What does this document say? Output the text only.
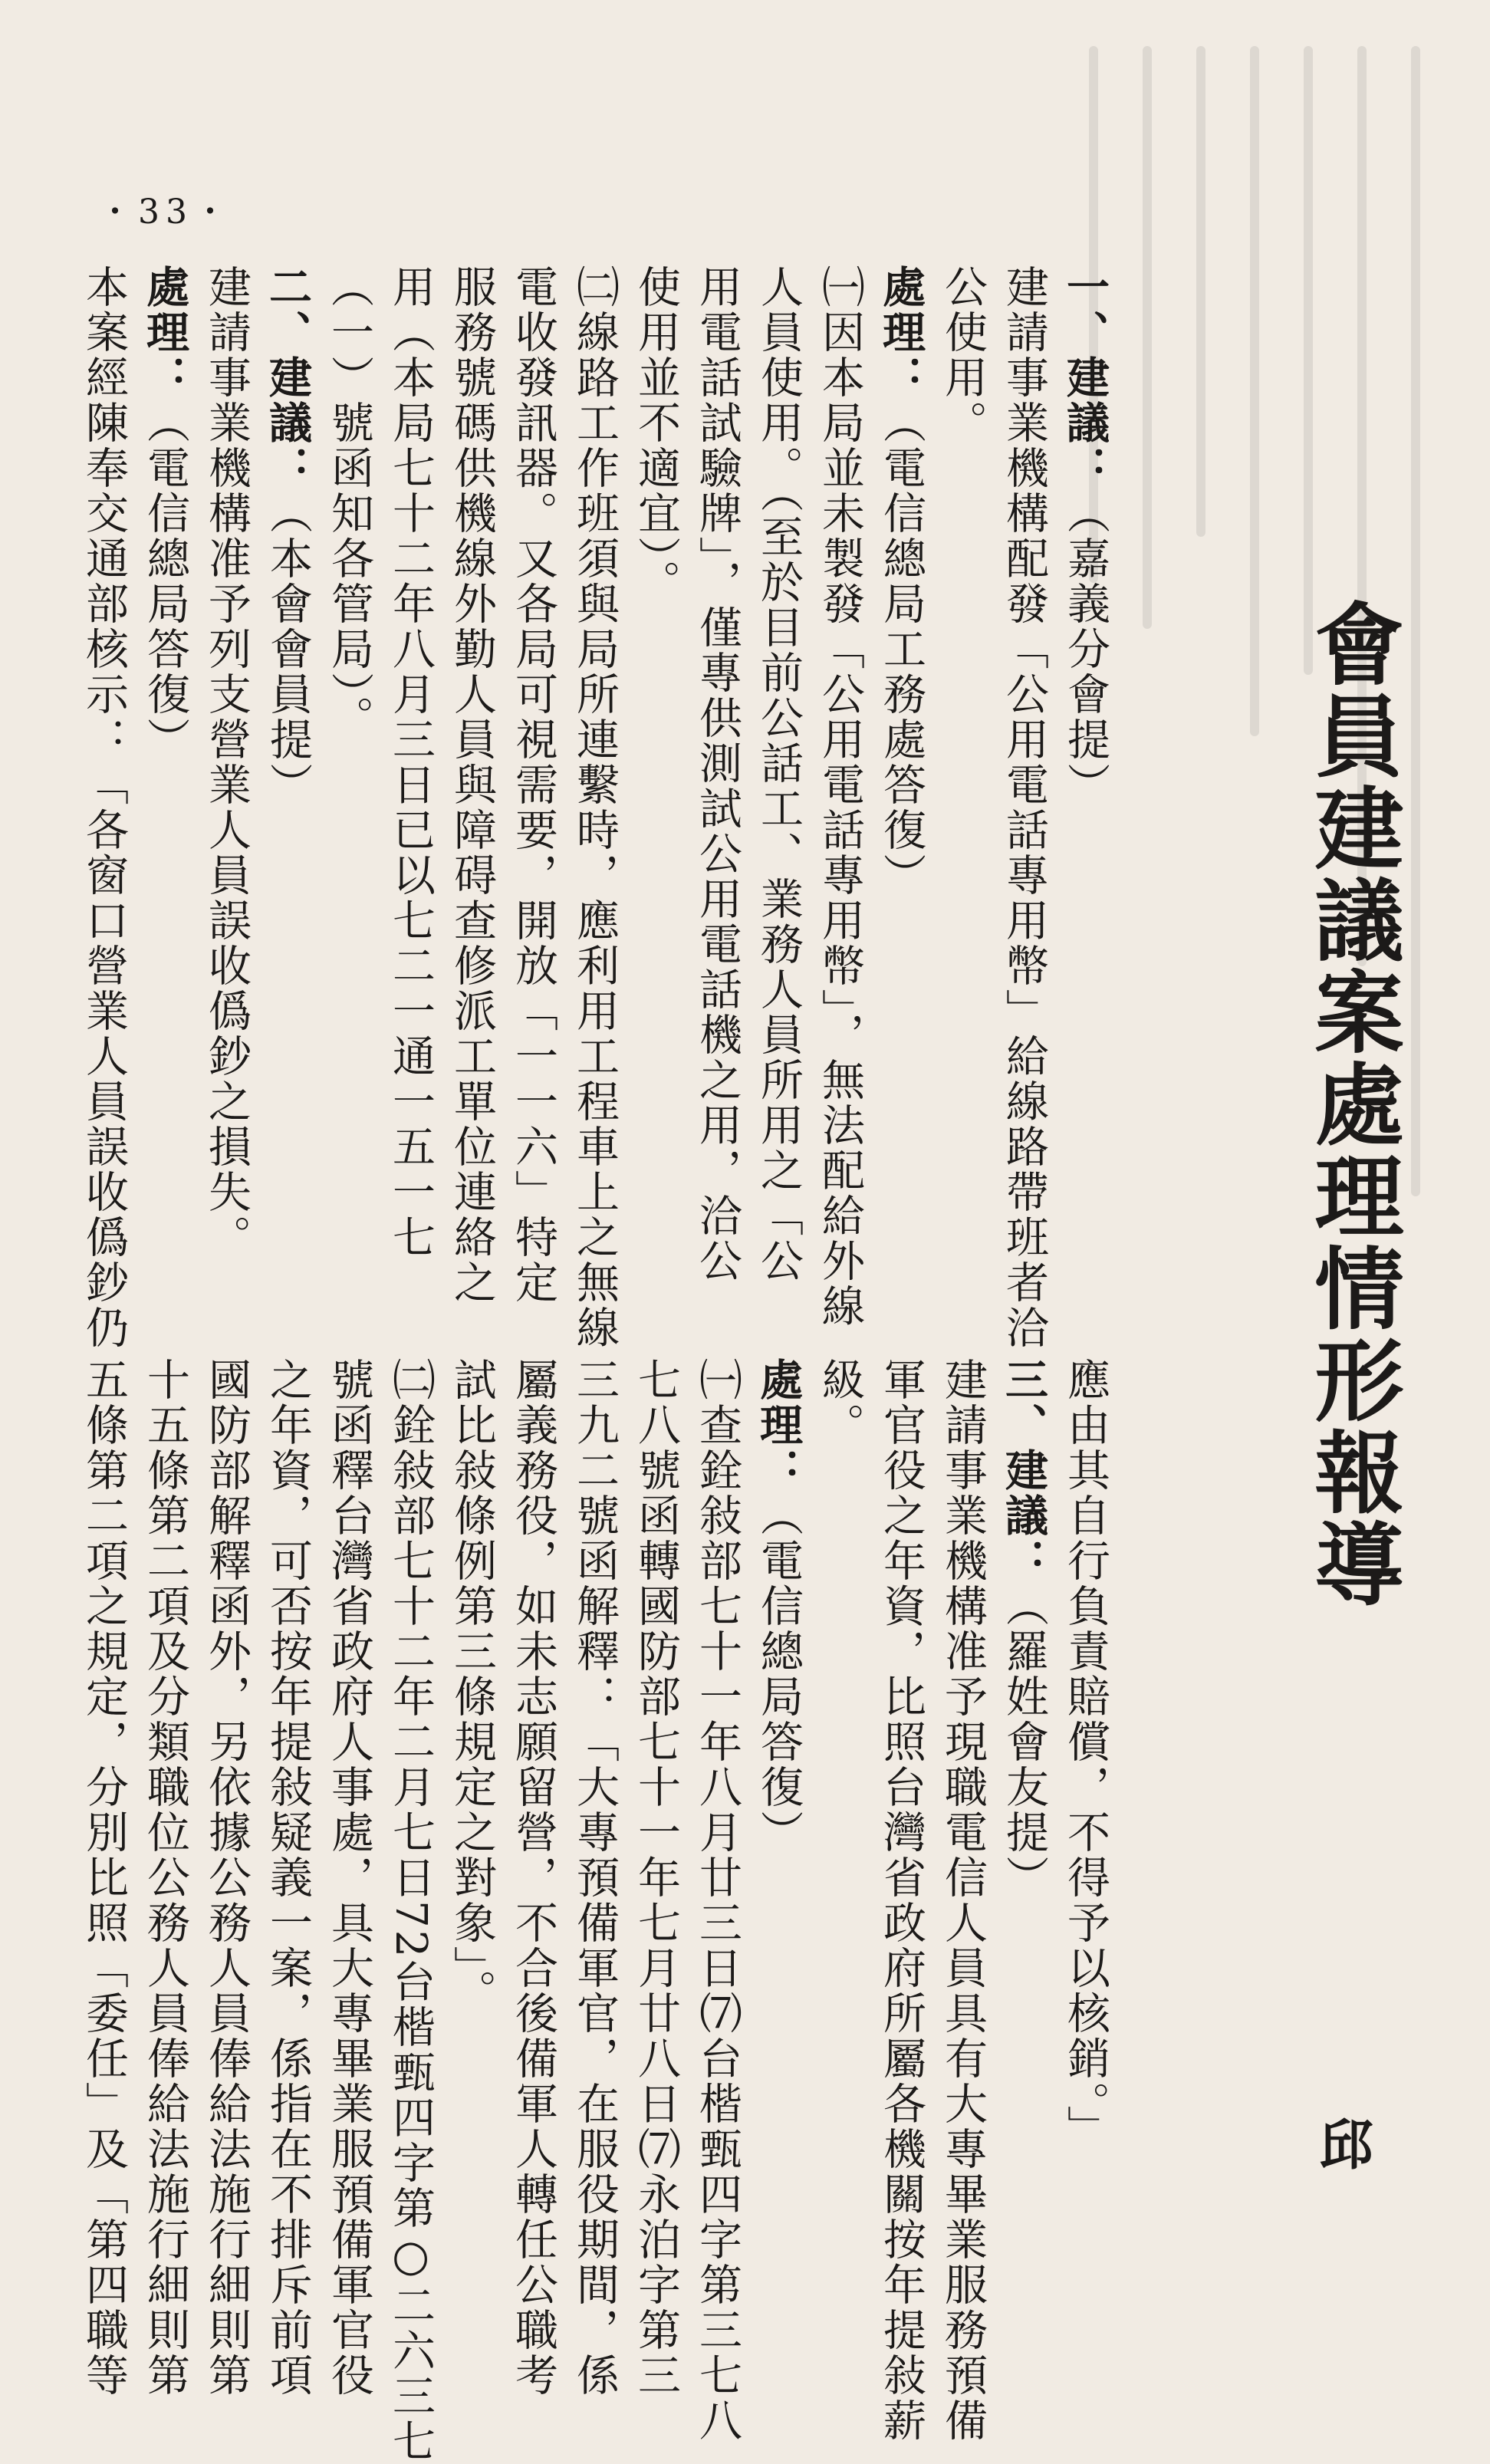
・33・
會員建議案處理情形報導
一、建議：（嘉義分會提）
建請事業機構配發「公用電話專用幣」給線路帶班者洽
公使用。
處理：（電信總局工務處答復）
㈠因本局並未製發「公用電話專用幣」，無法配給外線
人員使用。（至於目前公話工、業務人員所用之「公
用電話試驗牌」，僅專供測試公用電話機之用，洽公
使用並不適宜）。
㈡線路工作班須與局所連繫時，應利用工程車上之無線
電收發訊器。又各局可視需要，開放「一一六」特定
服務號碼供機線外勤人員與障碍查修派工單位連絡之
用（本局七十二年八月三日已以七二一通一五一七
（一）號函知各管局）。
二、建議：（本會會員提）
建請事業機構准予列支營業人員誤收僞鈔之損失。
處理：（電信總局答復）
本案經陳奉交通部核示：「各窗口營業人員誤收僞鈔仍
應由其自行負責賠償，不得予以核銷。」
三、建議：（羅姓會友提）
建請事業機構准予現職電信人員具有大專畢業服務預備
軍官役之年資，比照台灣省政府所屬各機關按年提敍薪
級。
處理：（電信總局答復）
㈠查銓敍部七十一年八月廿三日⑺台楷甄四字第三七八
七八號函轉國防部七十一年七月廿八日⑺永泊字第三
三九二號函解釋：「大專預備軍官，在服役期間，係
屬義務役，如未志願留營，不合後備軍人轉任公職考
試比敍條例第三條規定之對象」。
㈡銓敍部七十二年二月七日72台楷甄四字第○二六三七
號函釋台灣省政府人事處，具大專畢業服預備軍官役
之年資，可否按年提敍疑義一案，係指在不排斥前項
國防部解釋函外，另依據公務人員俸給法施行細則第
十五條第二項及分類職位公務人員俸給法施行細則第
五條第二項之規定，分別比照「委任」及「第四職等	邱
